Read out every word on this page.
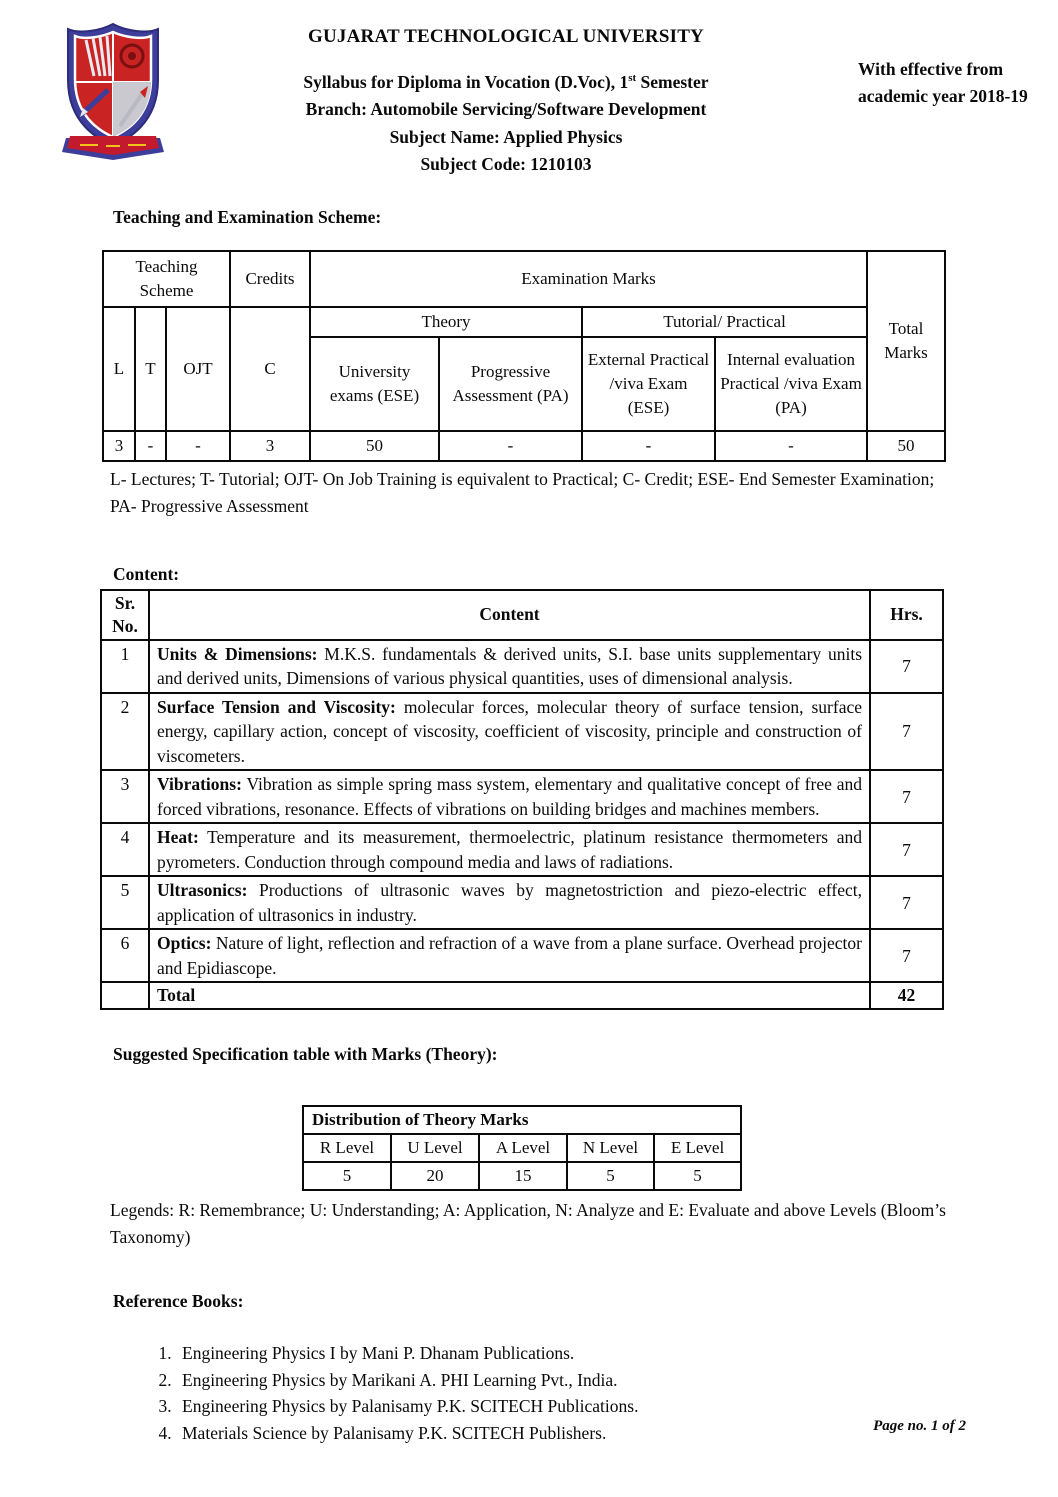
GUJARAT TECHNOLOGICAL UNIVERSITY
Syllabus for Diploma in Vocation (D.Voc), 1st Semester
Branch: Automobile Servicing/Software Development
Subject Name: Applied Physics
Subject Code: 1210103
With effective from academic year 2018-19
Teaching and Examination Scheme:
Teaching Scheme			Credits	Examination Marks				Total Marks
L	T	OJT	C	Theory		Tutorial/ Practical		
				University exams (ESE)	Progressive Assessment (PA)	External Practical /viva Exam (ESE)	Internal evaluation Practical /viva Exam (PA)	
3	-	-	3	50	-	-	-	50
L- Lectures; T- Tutorial; OJT- On Job Training is equivalent to Practical; C- Credit; ESE- End Semester Examination; PA- Progressive Assessment
Content:
Sr. No.	Content	Hrs.
1	Units & Dimensions: M.K.S. fundamentals & derived units, S.I. base units supplementary units and derived units, Dimensions of various physical quantities, uses of dimensional analysis.	7
2	Surface Tension and Viscosity: molecular forces, molecular theory of surface tension, surface energy, capillary action, concept of viscosity, coefficient of viscosity, principle and construction of viscometers.	7
3	Vibrations: Vibration as simple spring mass system, elementary and qualitative concept of free and forced vibrations, resonance. Effects of vibrations on building bridges and machines members.	7
4	Heat: Temperature and its measurement, thermoelectric, platinum resistance thermometers and pyrometers. Conduction through compound media and laws of radiations.	7
5	Ultrasonics: Productions of ultrasonic waves by magnetostriction and piezo-electric effect, application of ultrasonics in industry.	7
6	Optics: Nature of light, reflection and refraction of a wave from a plane surface. Overhead projector and Epidiascope.	7
	Total	42
Suggested Specification table with Marks (Theory):
Distribution of Theory Marks				
R Level	U Level	A Level	N Level	E Level
5	20	15	5	5
Legends: R: Remembrance; U: Understanding; A: Application, N: Analyze and E: Evaluate and above Levels (Bloom’s Taxonomy)
Reference Books:
1. Engineering Physics I by Mani P. Dhanam Publications.
2. Engineering Physics by Marikani A. PHI Learning Pvt., India.
3. Engineering Physics by Palanisamy P.K. SCITECH Publications.
4. Materials Science by Palanisamy P.K. SCITECH Publishers.	Page no. 1 of 2
